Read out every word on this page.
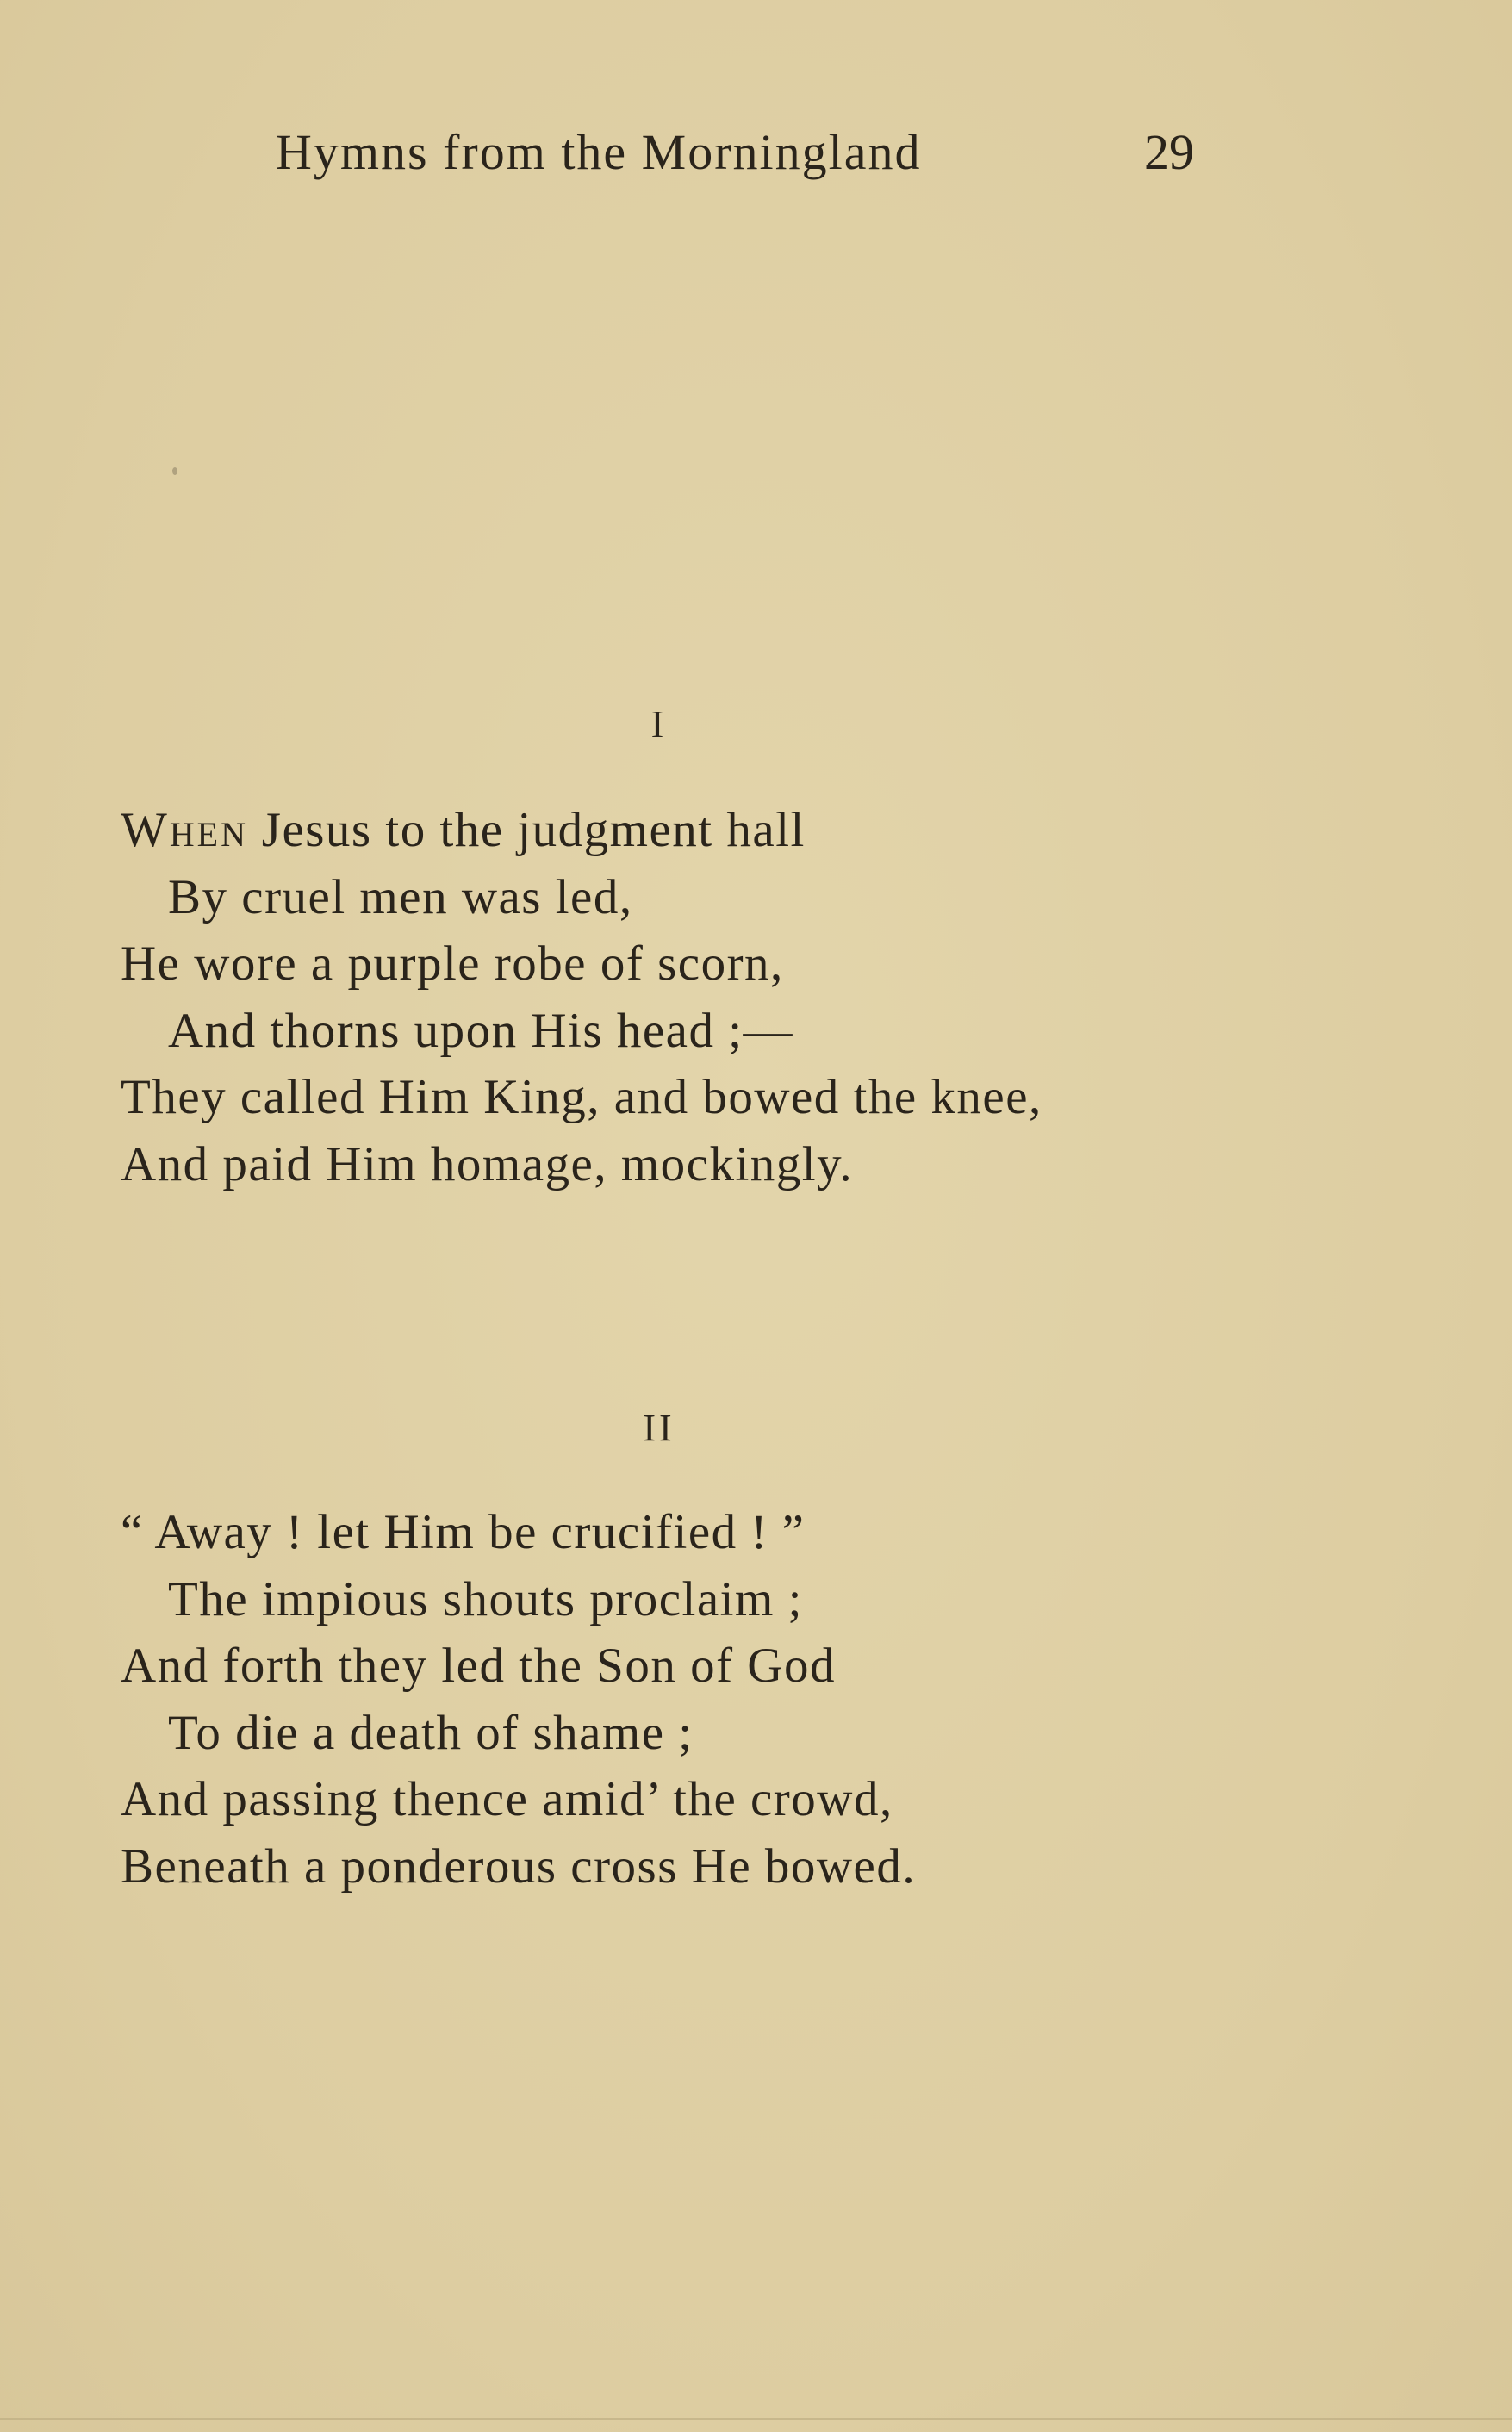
Hymns from the Morningland	29
I
When Jesus to the judgment hall
By cruel men was led,
He wore a purple robe of scorn,
And thorns upon His head ;—
They called Him King, and bowed the knee,
And paid Him homage, mockingly.
II
“ Away ! let Him be crucified ! ”
The impious shouts proclaim ;
And forth they led the Son of God
To die a death of shame ;
And passing thence amid’ the crowd,
Beneath a ponderous cross He bowed.
